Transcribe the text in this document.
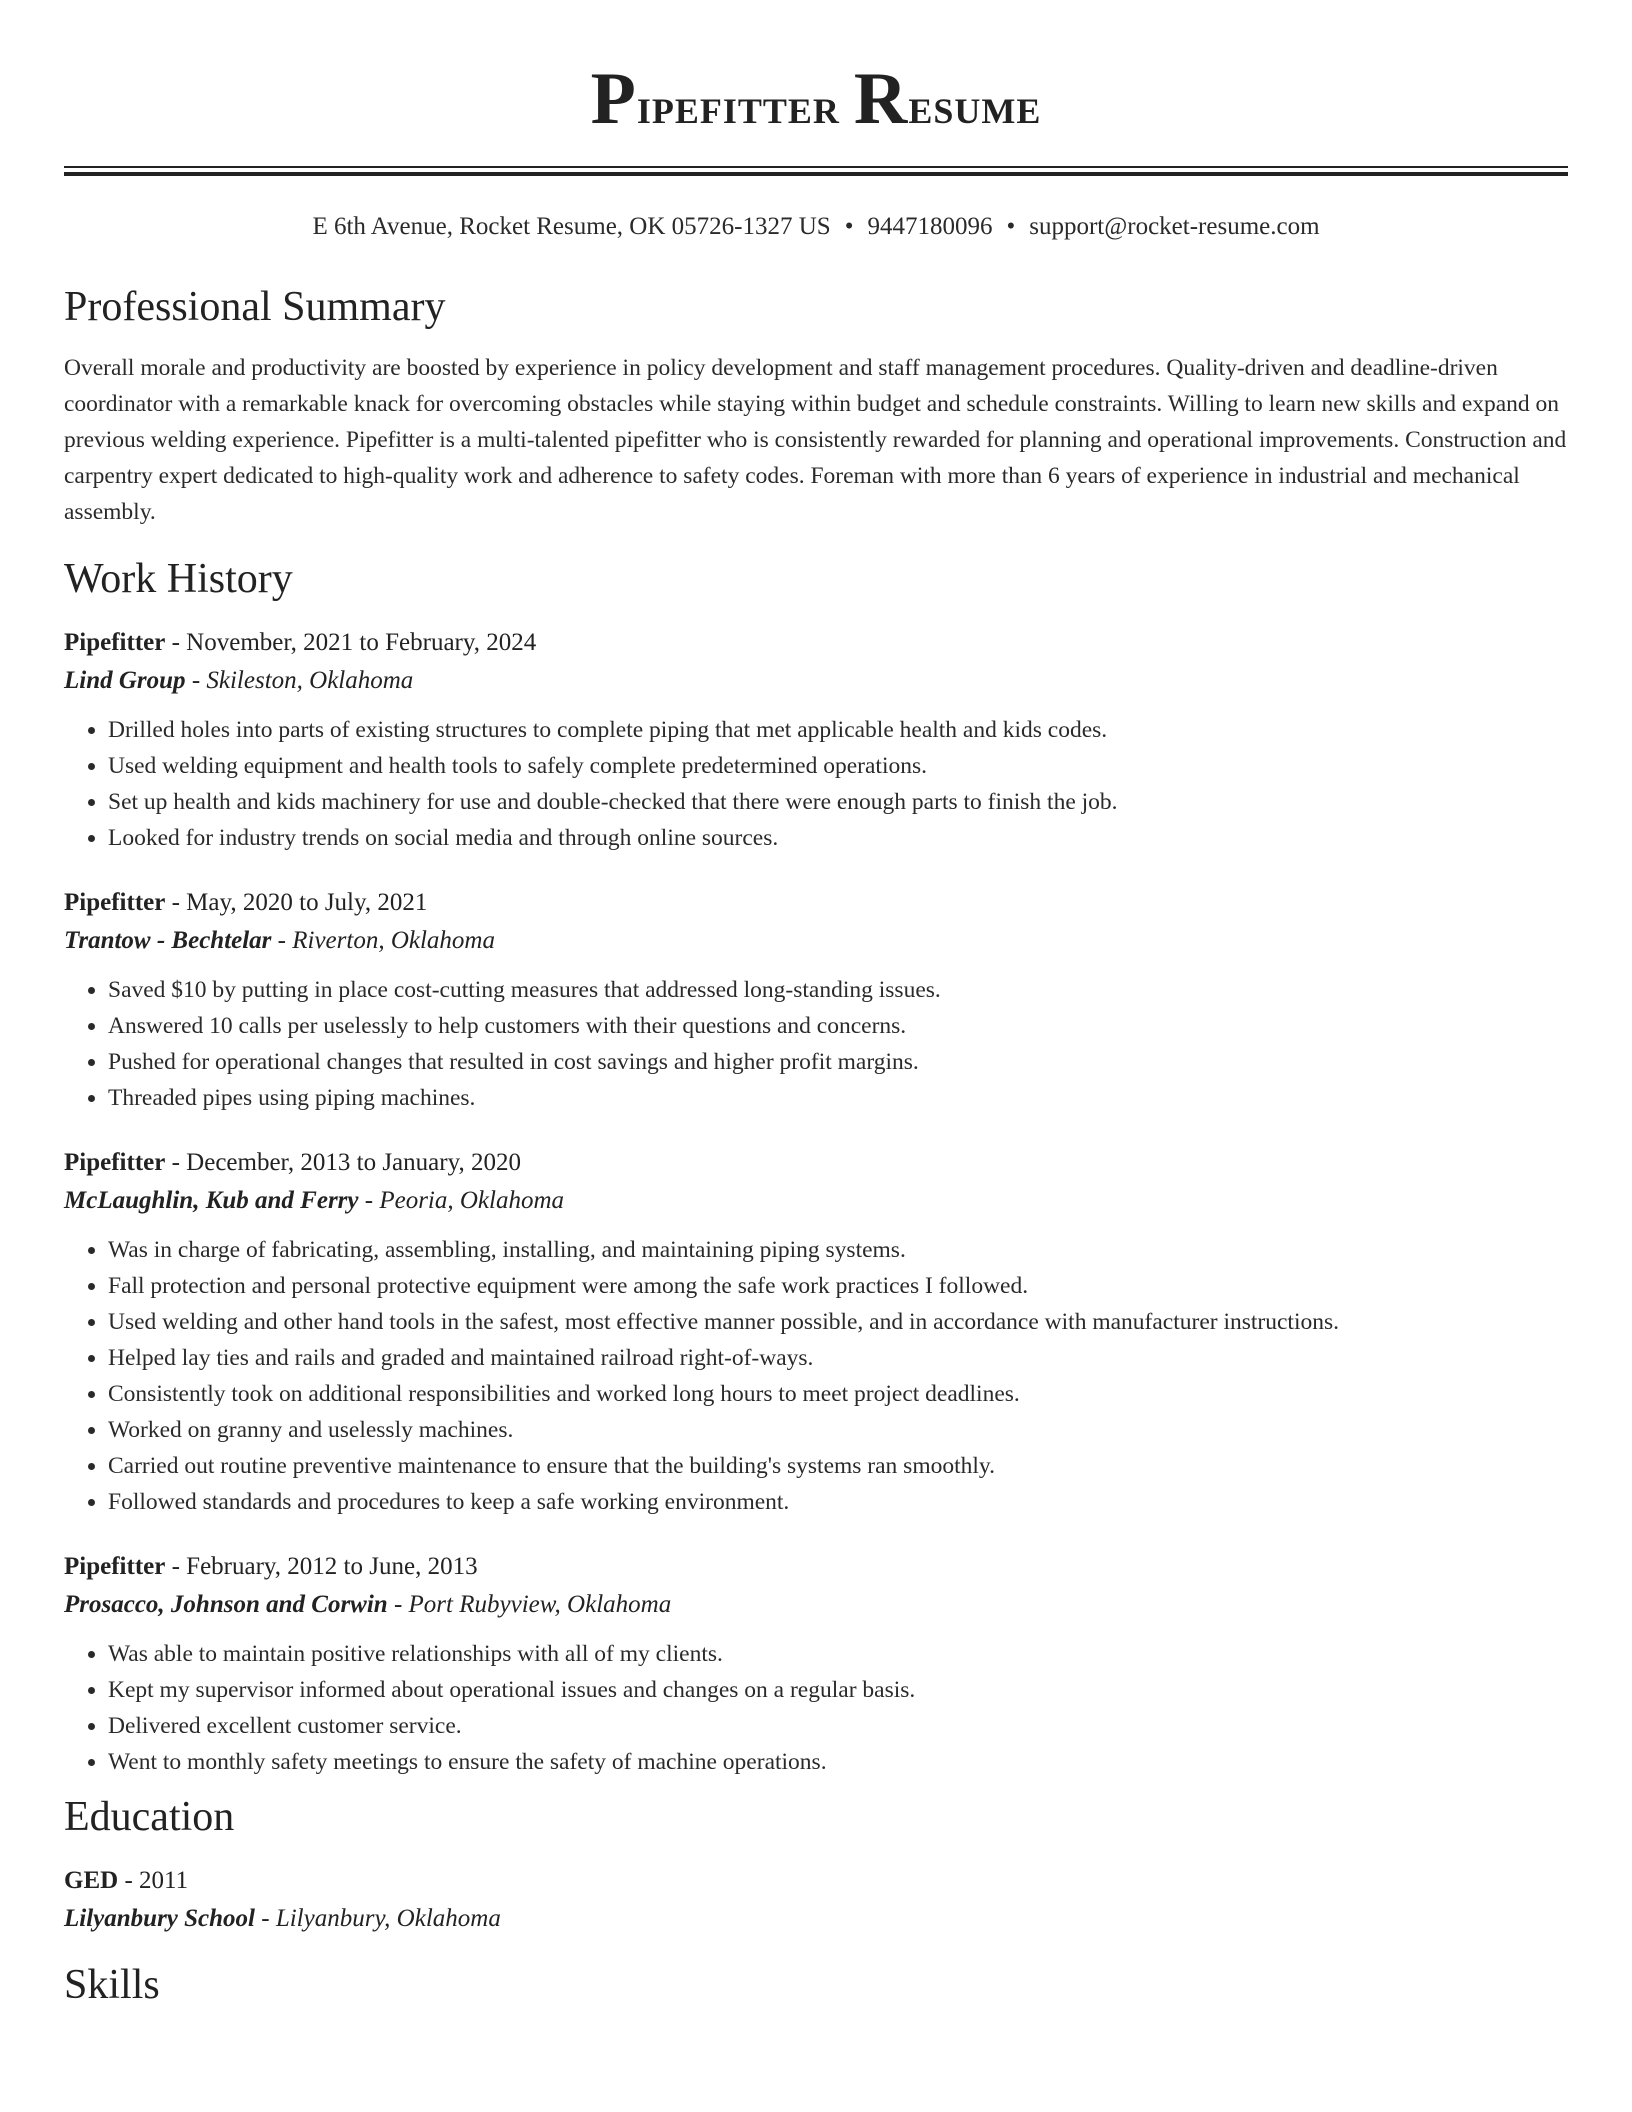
Pipefitter Resume
E 6th Avenue, Rocket Resume, OK 05726-1327 US • 9447180096 • support@rocket-resume.com
Professional Summary
Overall morale and productivity are boosted by experience in policy development and staff management procedures. Quality-driven and deadline-driven coordinator with a remarkable knack for overcoming obstacles while staying within budget and schedule constraints. Willing to learn new skills and expand on previous welding experience. Pipefitter is a multi-talented pipefitter who is consistently rewarded for planning and operational improvements. Construction and carpentry expert dedicated to high-quality work and adherence to safety codes. Foreman with more than 6 years of experience in industrial and mechanical assembly.
Work History
Pipefitter - November, 2021 to February, 2024
Lind Group - Skileston, Oklahoma
• Drilled holes into parts of existing structures to complete piping that met applicable health and kids codes.
• Used welding equipment and health tools to safely complete predetermined operations.
• Set up health and kids machinery for use and double-checked that there were enough parts to finish the job.
• Looked for industry trends on social media and through online sources.
Pipefitter - May, 2020 to July, 2021
Trantow - Bechtelar - Riverton, Oklahoma
• Saved $10 by putting in place cost-cutting measures that addressed long-standing issues.
• Answered 10 calls per uselessly to help customers with their questions and concerns.
• Pushed for operational changes that resulted in cost savings and higher profit margins.
• Threaded pipes using piping machines.
Pipefitter - December, 2013 to January, 2020
McLaughlin, Kub and Ferry - Peoria, Oklahoma
• Was in charge of fabricating, assembling, installing, and maintaining piping systems.
• Fall protection and personal protective equipment were among the safe work practices I followed.
• Used welding and other hand tools in the safest, most effective manner possible, and in accordance with manufacturer instructions.
• Helped lay ties and rails and graded and maintained railroad right-of-ways.
• Consistently took on additional responsibilities and worked long hours to meet project deadlines.
• Worked on granny and uselessly machines.
• Carried out routine preventive maintenance to ensure that the building's systems ran smoothly.
• Followed standards and procedures to keep a safe working environment.
Pipefitter - February, 2012 to June, 2013
Prosacco, Johnson and Corwin - Port Rubyview, Oklahoma
• Was able to maintain positive relationships with all of my clients.
• Kept my supervisor informed about operational issues and changes on a regular basis.
• Delivered excellent customer service.
• Went to monthly safety meetings to ensure the safety of machine operations.
Education
GED - 2011
Lilyanbury School - Lilyanbury, Oklahoma
Skills
